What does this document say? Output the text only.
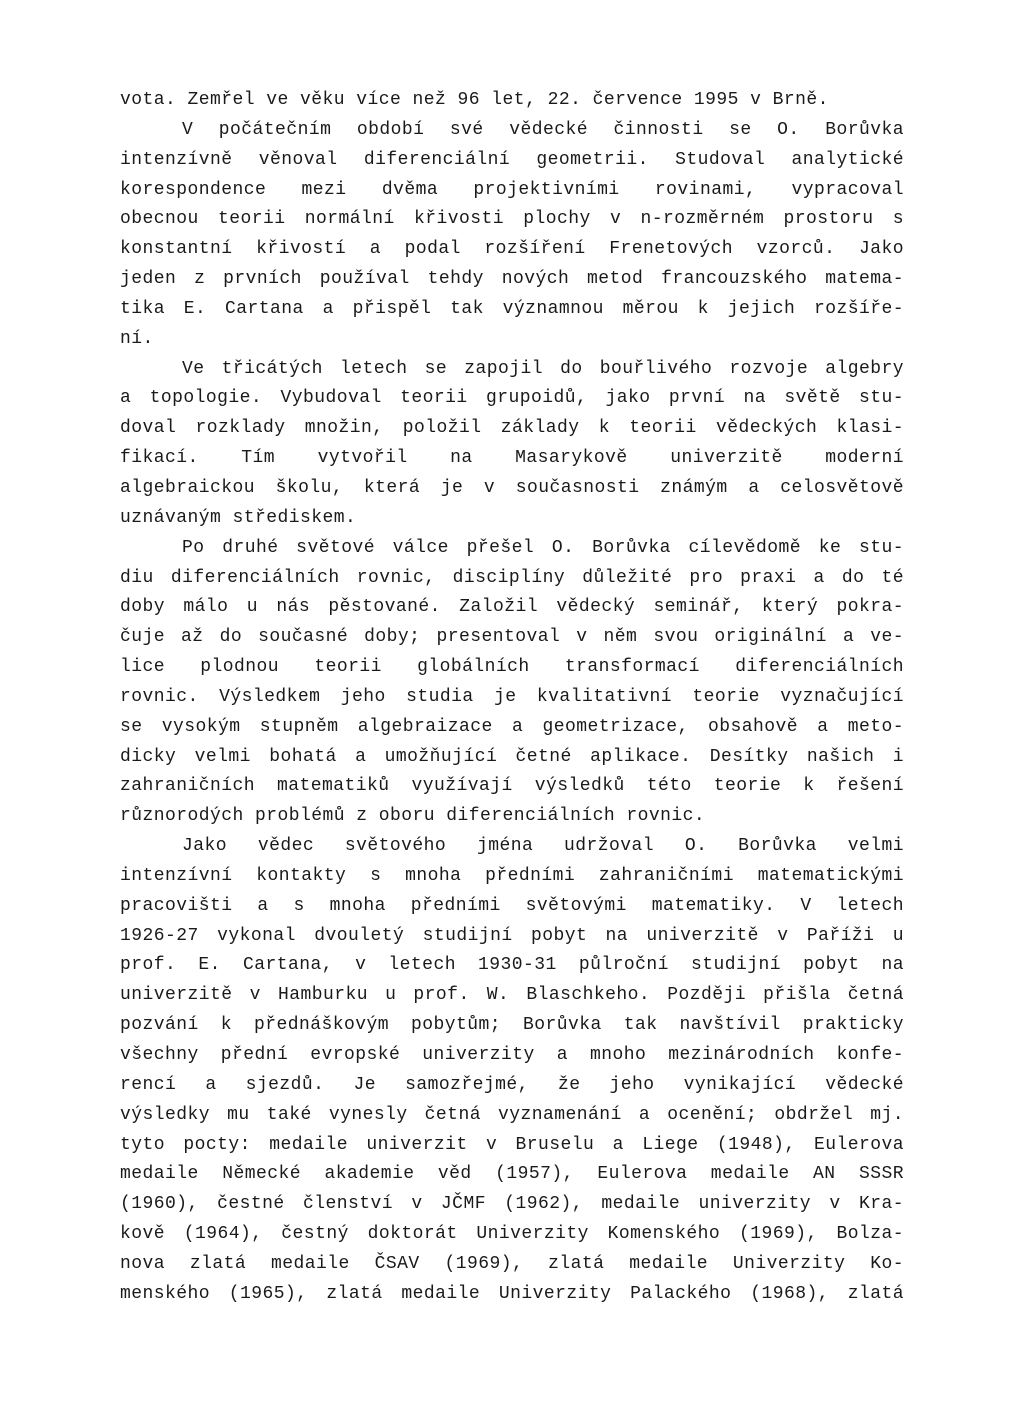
vota. Zemřel ve věku více než 96 let, 22. července 1995 v Brně.
V počátečním období své vědecké činnosti se O. Borůvka
intenzívně věnoval diferenciální geometrii. Studoval analytické
korespondence mezi dvěma projektivními rovinami, vypracoval
obecnou teorii normální křivosti plochy v n-rozměrném prostoru s
konstantní křivostí a podal rozšíření Frenetových vzorců. Jako
jeden z prvních používal tehdy nových metod francouzského matema-
tika E. Cartana a přispěl tak významnou měrou k jejich rozšíře-
ní.
Ve třicátých letech se zapojil do bouřlivého rozvoje algebry
a topologie. Vybudoval teorii grupoidů, jako první na světě stu-
doval rozklady množin, položil základy k teorii vědeckých klasi-
fikací. Tím vytvořil na Masarykově univerzitě moderní
algebraickou školu, která je v současnosti známým a celosvětově
uznávaným střediskem.
Po druhé světové válce přešel O. Borůvka cílevědomě ke stu-
diu diferenciálních rovnic, disciplíny důležité pro praxi a do té
doby málo u nás pěstované. Založil vědecký seminář, který pokra-
čuje až do současné doby; presentoval v něm svou originální a ve-
lice plodnou teorii globálních transformací diferenciálních
rovnic. Výsledkem jeho studia je kvalitativní teorie vyznačující
se vysokým stupněm algebraizace a geometrizace, obsahově a meto-
dicky velmi bohatá a umožňující četné aplikace. Desítky našich i
zahraničních matematiků využívají výsledků této teorie k řešení
různorodých problémů z oboru diferenciálních rovnic.
Jako vědec světového jména udržoval O. Borůvka velmi
intenzívní kontakty s mnoha předními zahraničními matematickými
pracovišti a s mnoha předními světovými matematiky. V letech
1926-27 vykonal dvouletý studijní pobyt na univerzitě v Paříži u
prof. E. Cartana, v letech 1930-31 půlroční studijní pobyt na
univerzitě v Hamburku u prof. W. Blaschkeho. Později přišla četná
pozvání k přednáškovým pobytům; Borůvka tak navštívil prakticky
všechny přední evropské univerzity a mnoho mezinárodních konfe-
rencí a sjezdů. Je samozřejmé, že jeho vynikající vědecké
výsledky mu také vynesly četná vyznamenání a ocenění; obdržel mj.
tyto pocty: medaile univerzit v Bruselu a Liege (1948), Eulerova
medaile Německé akademie věd (1957), Eulerova medaile AN SSSR
(1960), čestné členství v JČMF (1962), medaile univerzity v Kra-
kově (1964), čestný doktorát Univerzity Komenského (1969), Bolza-
nova zlatá medaile ČSAV (1969), zlatá medaile Univerzity Ko-
menského (1965), zlatá medaile Univerzity Palackého (1968), zlatá
